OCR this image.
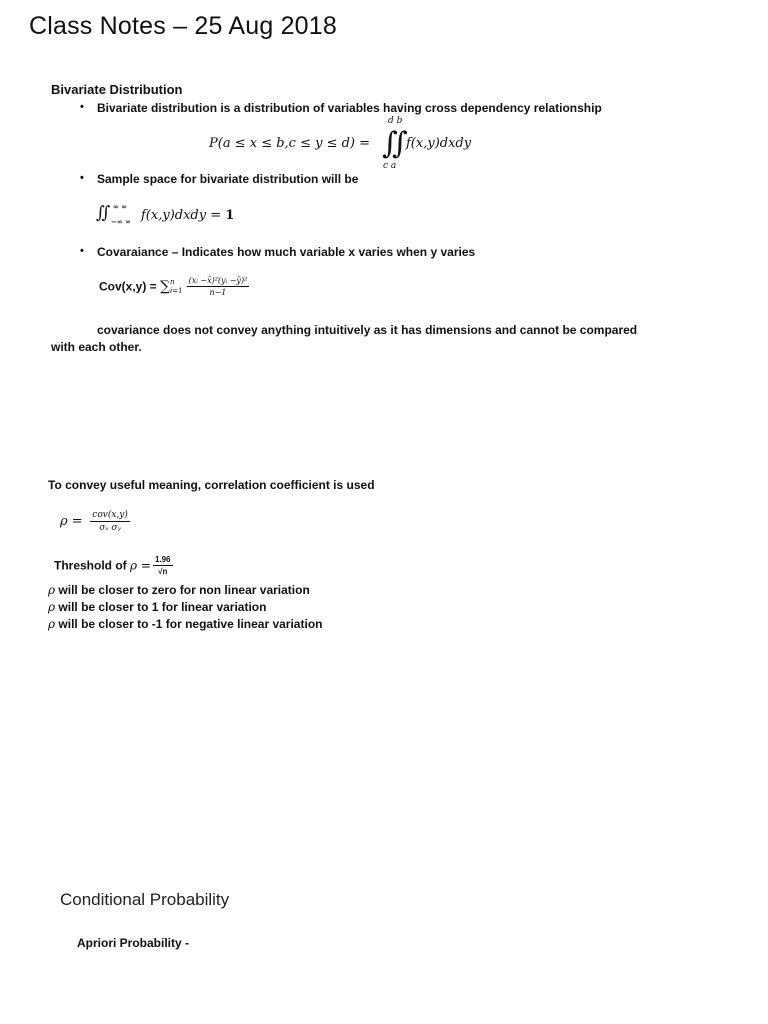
Class Notes – 25 Aug 2018
Bivariate Distribution
• Bivariate distribution is a distribution of variables having cross dependency relationship
P(a ≤ x ≤ b,c ≤ y ≤ d) =
d b
∬
c a
f(x,y)dxdy
• Sample space for bivariate distribution will be
∬ ∞ ∞
−∞ ∞ f(x,y)dxdy = 1
• Covaraiance – Indicates how much variable x varies when y varies
Cov(x,y) = ∑ n
$i=1 \frac{\text{(xᵢ −x̄)²(yᵢ −ȳ)²}}{n-1}$
covariance does not convey anything intuitively as it has dimensions and cannot be compared
with each other.
To convey useful meaning, correlation coefficient is used
$\rho = \frac{\text{cov(x,y)}}{\text{σₓ σᵧ}}$
Threshold of $\rho = \frac{1.96}{√n}$
ρ will be closer to zero for non linear variation
ρ will be closer to 1 for linear variation
ρ will be closer to -1 for negative linear variation
Conditional Probability
Apriori Probability -
